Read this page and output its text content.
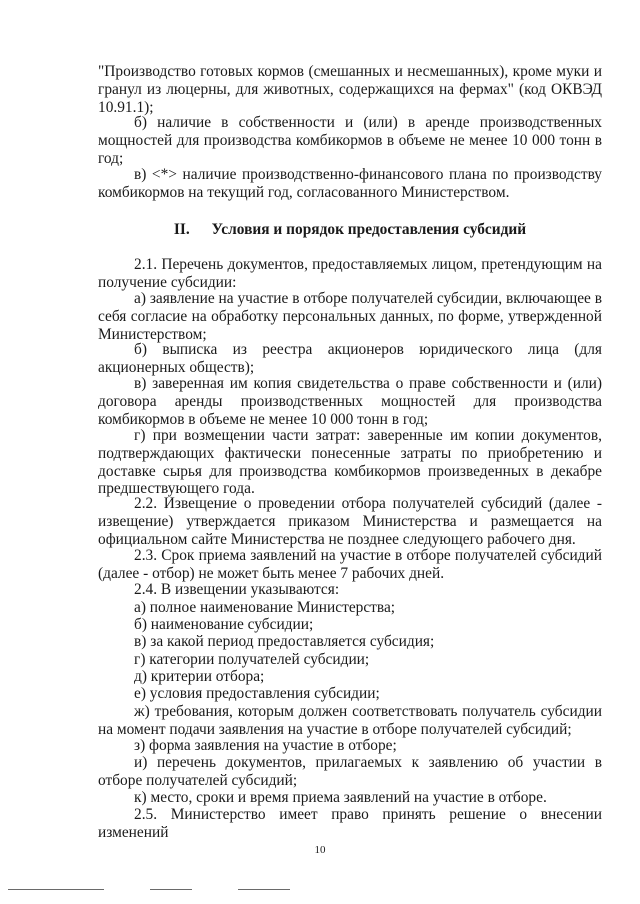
"Производство готовых кормов (смешанных и несмешанных), кроме муки и гранул из люцерны, для животных, содержащихся на фермах" (код ОКВЭД 10.91.1);

б) наличие в собственности и (или) в аренде производственных мощностей для производства комбикормов в объеме не менее 10 000 тонн в год;

в) <*> наличие производственно-финансового плана по производству комбикормов на текущий год, согласованного Министерством.

II. Условия и порядок предоставления субсидий

2.1. Перечень документов, предоставляемых лицом, претендующим на получение субсидии:

а) заявление на участие в отборе получателей субсидии, включающее в себя согласие на обработку персональных данных, по форме, утвержденной Министерством;

б) выписка из реестра акционеров юридического лица (для акционерных обществ);

в) заверенная им копия свидетельства о праве собственности и (или) договора аренды производственных мощностей для производства комбикормов в объеме не менее 10 000 тонн в год;

г) при возмещении части затрат: заверенные им копии документов, подтверждающих фактически понесенные затраты по приобретению и доставке сырья для производства комбикормов произведенных в декабре предшествующего года.

2.2. Извещение о проведении отбора получателей субсидий (далее - извещение) утверждается приказом Министерства и размещается на официальном сайте Министерства не позднее следующего рабочего дня.

2.3. Срок приема заявлений на участие в отборе получателей субсидий (далее - отбор) не может быть менее 7 рабочих дней.

2.4. В извещении указываются:

а) полное наименование Министерства;

б) наименование субсидии;

в) за какой период предоставляется субсидия;

г) категории получателей субсидии;

д) критерии отбора;

е) условия предоставления субсидии;

ж) требования, которым должен соответствовать получатель субсидии на момент подачи заявления на участие в отборе получателей субсидий;

з) форма заявления на участие в отборе;

и) перечень документов, прилагаемых к заявлению об участии в отборе получателей субсидий;

к) место, сроки и время приема заявлений на участие в отборе.

2.5. Министерство имеет право принять решение о внесении изменений

10
